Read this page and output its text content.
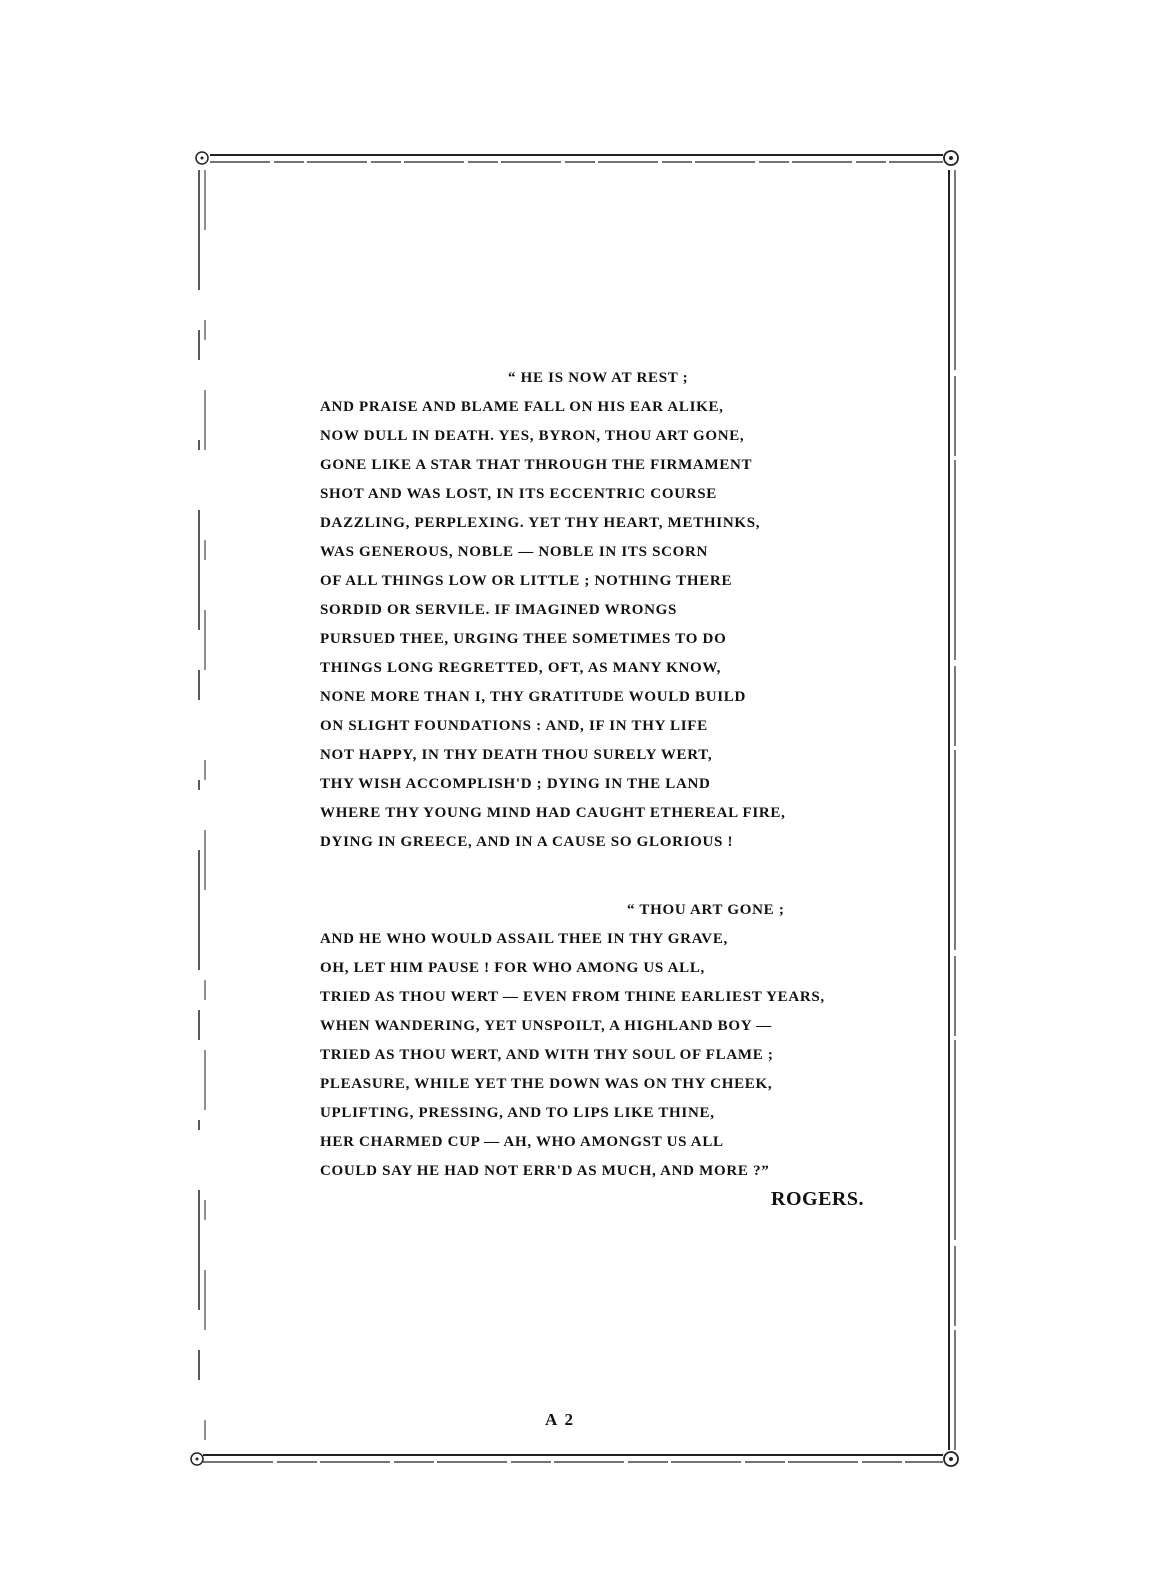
“ HE IS NOW AT REST ;
AND PRAISE AND BLAME FALL ON HIS EAR ALIKE,
NOW DULL IN DEATH. YES, BYRON, THOU ART GONE,
GONE LIKE A STAR THAT THROUGH THE FIRMAMENT
SHOT AND WAS LOST, IN ITS ECCENTRIC COURSE
DAZZLING, PERPLEXING. YET THY HEART, METHINKS,
WAS GENEROUS, NOBLE — NOBLE IN ITS SCORN
OF ALL THINGS LOW OR LITTLE ; NOTHING THERE
SORDID OR SERVILE. IF IMAGINED WRONGS
PURSUED THEE, URGING THEE SOMETIMES TO DO
THINGS LONG REGRETTED, OFT, AS MANY KNOW,
NONE MORE THAN I, THY GRATITUDE WOULD BUILD
ON SLIGHT FOUNDATIONS : AND, IF IN THY LIFE
NOT HAPPY, IN THY DEATH THOU SURELY WERT,
THY WISH ACCOMPLISH'D ; DYING IN THE LAND
WHERE THY YOUNG MIND HAD CAUGHT ETHEREAL FIRE,
DYING IN GREECE, AND IN A CAUSE SO GLORIOUS !
“ THOU ART GONE ;
AND HE WHO WOULD ASSAIL THEE IN THY GRAVE,
OH, LET HIM PAUSE ! FOR WHO AMONG US ALL,
TRIED AS THOU WERT — EVEN FROM THINE EARLIEST YEARS,
WHEN WANDERING, YET UNSPOILT, A HIGHLAND BOY —
TRIED AS THOU WERT, AND WITH THY SOUL OF FLAME ;
PLEASURE, WHILE YET THE DOWN WAS ON THY CHEEK,
UPLIFTING, PRESSING, AND TO LIPS LIKE THINE,
HER CHARMED CUP — AH, WHO AMONGST US ALL
COULD SAY HE HAD NOT ERR'D AS MUCH, AND MORE ?”
ROGERS.
A 2
